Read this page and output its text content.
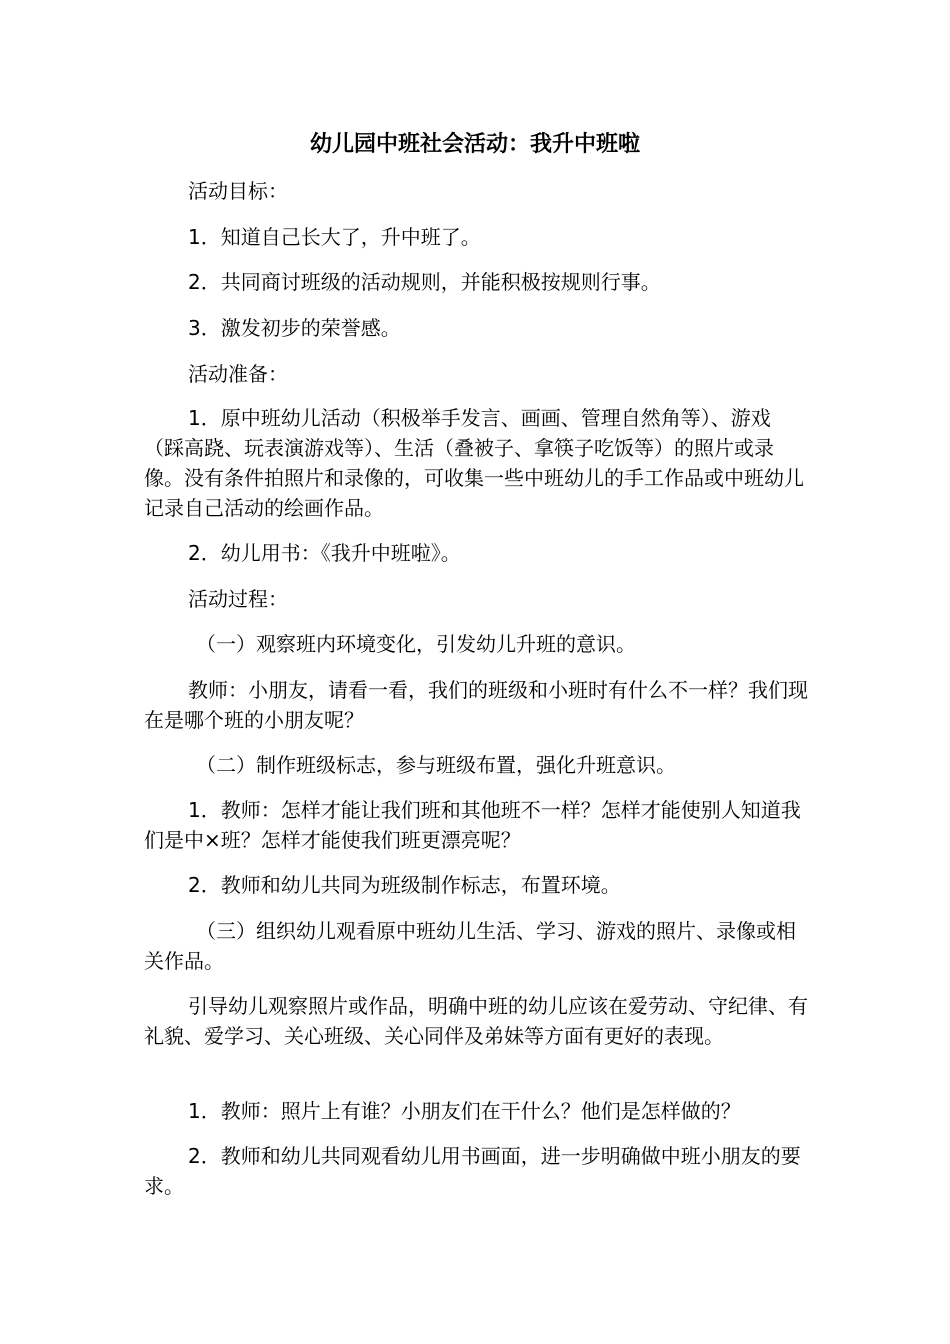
幼儿园中班社会活动：我升中班啦

活动目标：

1．知道自己长大了，升中班了。

2．共同商讨班级的活动规则，并能积极按规则行事。

3．激发初步的荣誉感。

活动准备：

1．原中班幼儿活动（积极举手发言、画画、管理自然角等）、游戏（踩高跷、玩表演游戏等）、生活（叠被子、拿筷子吃饭等）的照片或录像。没有条件拍照片和录像的，可收集一些中班幼儿的手工作品或中班幼儿记录自己活动的绘画作品。

2．幼儿用书：《我升中班啦》。

活动过程：

（一）观察班内环境变化，引发幼儿升班的意识。

教师：小朋友，请看一看，我们的班级和小班时有什么不一样？我们现在是哪个班的小朋友呢？

（二）制作班级标志，参与班级布置，强化升班意识。

1．教师：怎样才能让我们班和其他班不一样？怎样才能使别人知道我们是中×班？怎样才能使我们班更漂亮呢？

2．教师和幼儿共同为班级制作标志，布置环境。

（三）组织幼儿观看原中班幼儿生活、学习、游戏的照片、录像或相关作品。

引导幼儿观察照片或作品，明确中班的幼儿应该在爱劳动、守纪律、有礼貌、爱学习、关心班级、关心同伴及弟妹等方面有更好的表现。

1．教师：照片上有谁？小朋友们在干什么？他们是怎样做的？

2．教师和幼儿共同观看幼儿用书画面，进一步明确做中班小朋友的要求。
